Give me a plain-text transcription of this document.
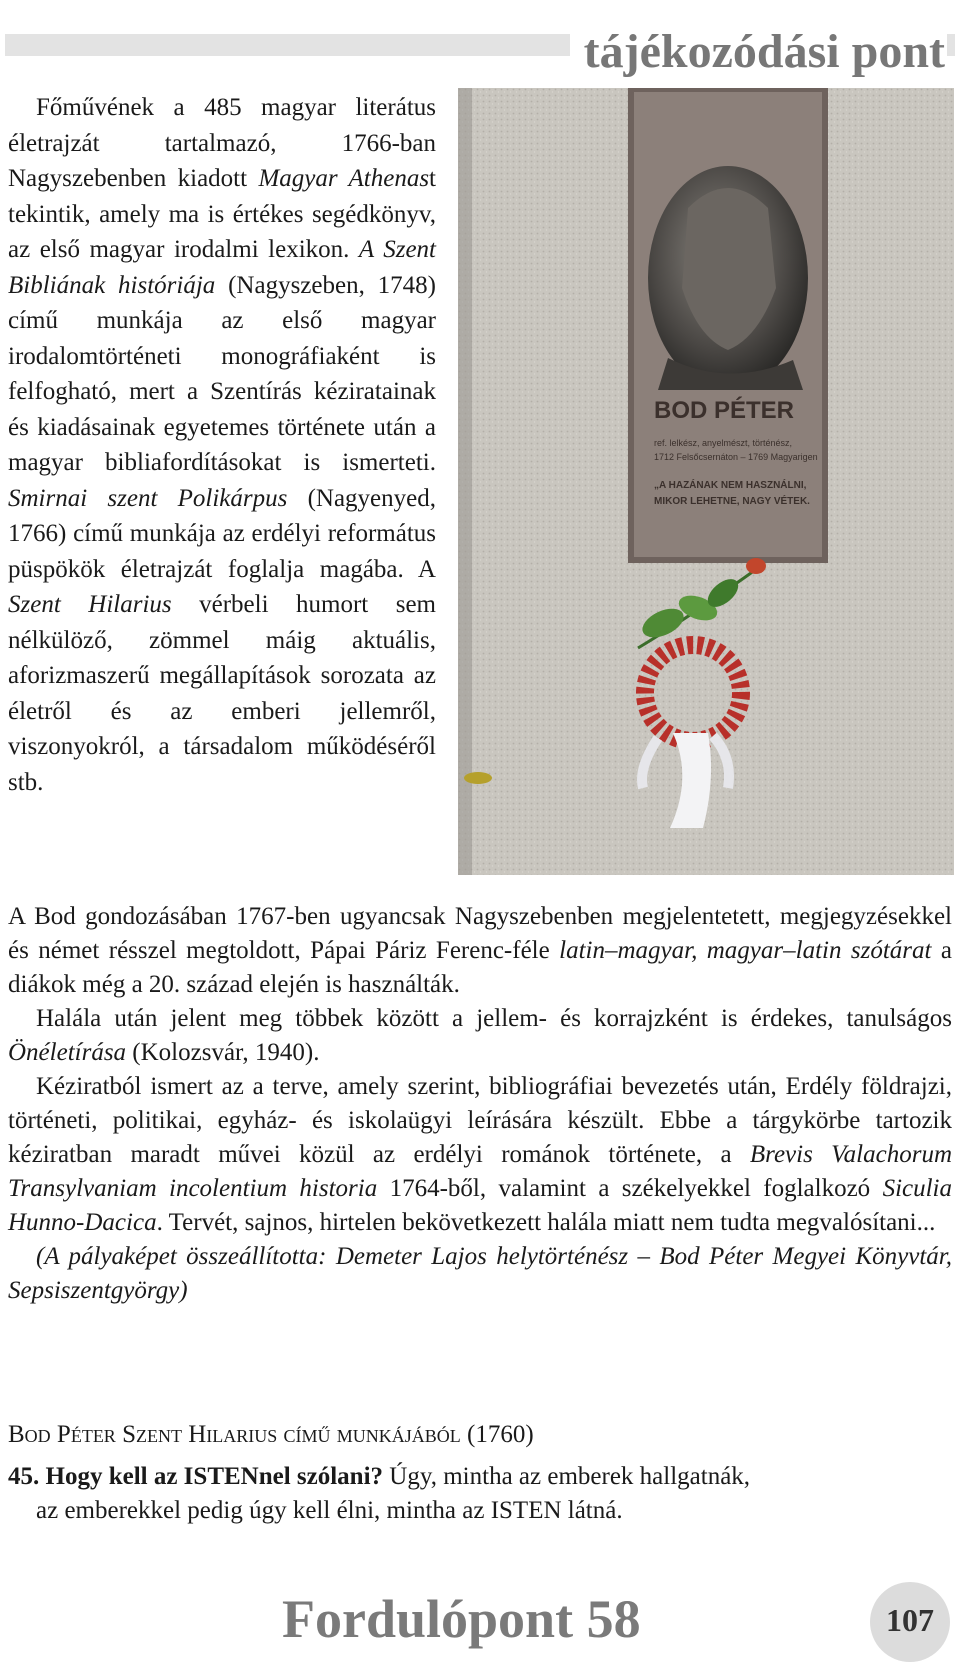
tájékozódási pont
BOD PÉTER
ref. lelkész, anyelmészt, történész,
1712 Felsőcsernáton – 1769 Magyarigen
„A HAZÁNAK NEM HASZNÁLNI,
MIKOR LEHETNE, NAGY VÉTEK.

Főművének a 485 magyar literátus életrajzát tartalmazó, 1766-ban Nagyszebenben kiadott Magyar Athenast tekintik, amely ma is értékes segédkönyv, az első magyar irodalmi lexikon. A Szent Bibliának históriája (Nagyszeben, 1748) című munkája az első magyar irodalomtörténeti monográfiaként is felfogható, mert a Szentírás kéziratainak és kiadásainak egyetemes története után a magyar bibliafordításokat is ismerteti. Smirnai szent Polikárpus (Nagyenyed, 1766) című munkája az erdélyi református püspökök életrajzát foglalja magába. A Szent Hilarius vérbeli humort sem nélkülöző, zömmel máig aktuális, aforizmaszerű megállapítások sorozata az életről és az emberi jellemről, viszonyokról, a társadalom működéséről stb.

A Bod gondozásában 1767-ben ugyancsak Nagyszebenben megjelentetett, megjegyzésekkel és német résszel megtoldott, Pápai Páriz Ferenc-féle latin–magyar, magyar–latin szótárat a diákok még a 20. század elején is használták.

Halála után jelent meg többek között a jellem- és korrajzként is érdekes, tanulságos Önéletírása (Kolozsvár, 1940).

Kéziratból ismert az a terve, amely szerint, bibliográfiai bevezetés után, Erdély földrajzi, történeti, politikai, egyház- és iskolaügyi leírására készült. Ebbe a tárgykörbe tartozik kéziratban maradt művei közül az erdélyi románok története, a Brevis Valachorum Transylvaniam incolentium historia 1764-ből, valamint a székelyekkel foglalkozó Siculia Hunno-Dacica. Tervét, sajnos, hirtelen bekövetkezett halála miatt nem tudta megvalósítani...

(A pályaképet összeállította: Demeter Lajos helytörténész – Bod Péter Megyei Könyvtár, Sepsiszentgyörgy)

Bod Péter Szent Hilarius című munkájából (1760)
45. Hogy kell az ISTENnel szólani? Úgy, mintha az emberek hallgatnák,
az emberekkel pedig úgy kell élni, mintha az ISTEN látná.
Fordulópont 58	107
